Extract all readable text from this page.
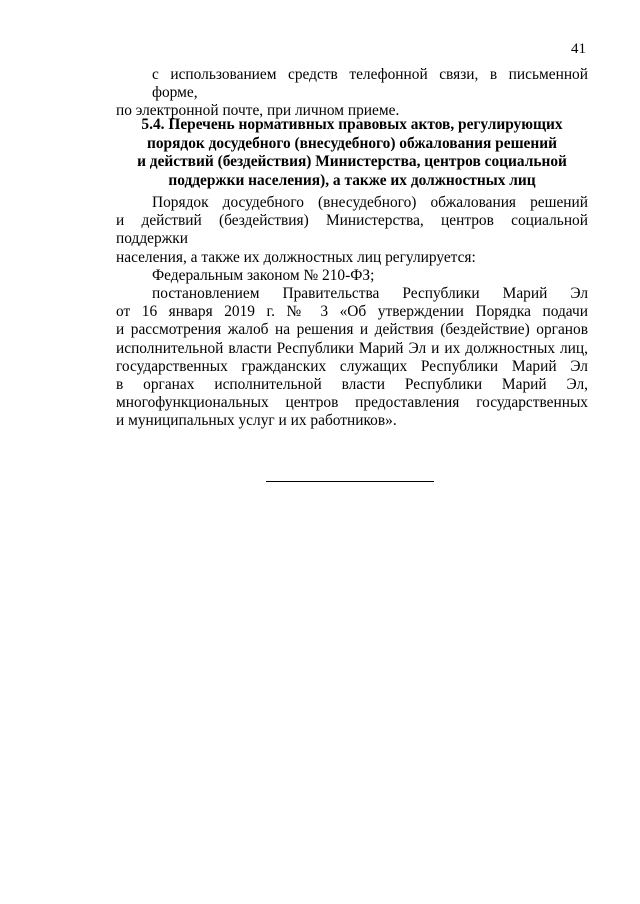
41
с использованием средств телефонной связи, в письменной форме,
по электронной почте, при личном приеме.
5.4. Перечень нормативных правовых актов, регулирующих
порядок досудебного (внесудебного) обжалования решений
и действий (бездействия) Министерства, центров социальной
поддержки населения), а также их должностных лиц
Порядок досудебного (внесудебного) обжалования решений
и действий (бездействия) Министерства, центров социальной поддержки
населения, а также их должностных лиц регулируется:
Федеральным законом № 210-ФЗ;
постановлением Правительства Республики Марий Эл
от 16 января 2019 г. № 3 «Об утверждении Порядка подачи
и рассмотрения жалоб на решения и действия (бездействие) органов
исполнительной власти Республики Марий Эл и их должностных лиц,
государственных гражданских служащих Республики Марий Эл
в органах исполнительной власти Республики Марий Эл,
многофункциональных центров предоставления государственных
и муниципальных услуг и их работников».
